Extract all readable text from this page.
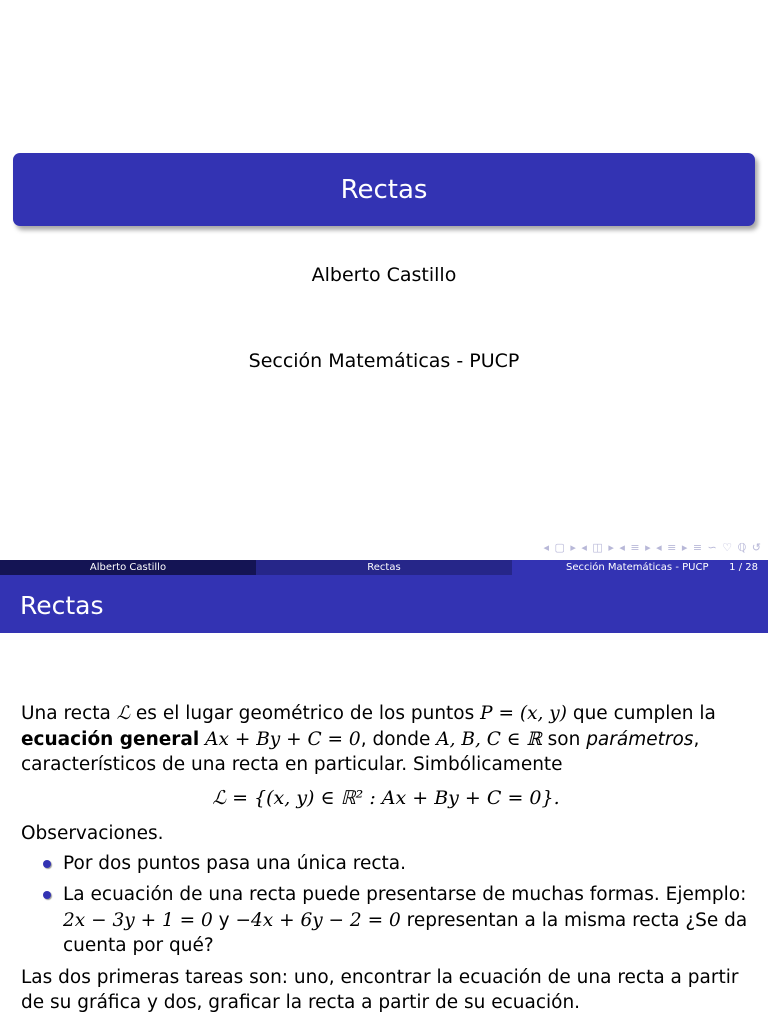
Rectas
Alberto Castillo
Sección Matemáticas - PUCP
◂ ▢ ▸ ◂ ◫ ▸ ◂ ≡ ▸ ◂ ≡ ▸ ≡ ∽ ♡ ℚ ↺
Alberto Castillo	Rectas	Sección Matemáticas - PUCP 1 / 28
Rectas

Una recta ℒ es el lugar geométrico de los puntos P = (x, y) que cumplen la ecuación general Ax + By + C = 0, donde A, B, C ∈ ℝ son parámetros, característicos de una recta en particular. Simbólicamente

ℒ = {(x, y) ∈ ℝ² : Ax + By + C = 0}.

Observaciones.

Por dos puntos pasa una única recta.
La ecuación de una recta puede presentarse de muchas formas. Ejemplo: 2x − 3y + 1 = 0 y −4x + 6y − 2 = 0 representan a la misma recta ¿Se da cuenta por qué?

Las dos primeras tareas son: uno, encontrar la ecuación de una recta a partir de su gráfica y dos, graficar la recta a partir de su ecuación.
